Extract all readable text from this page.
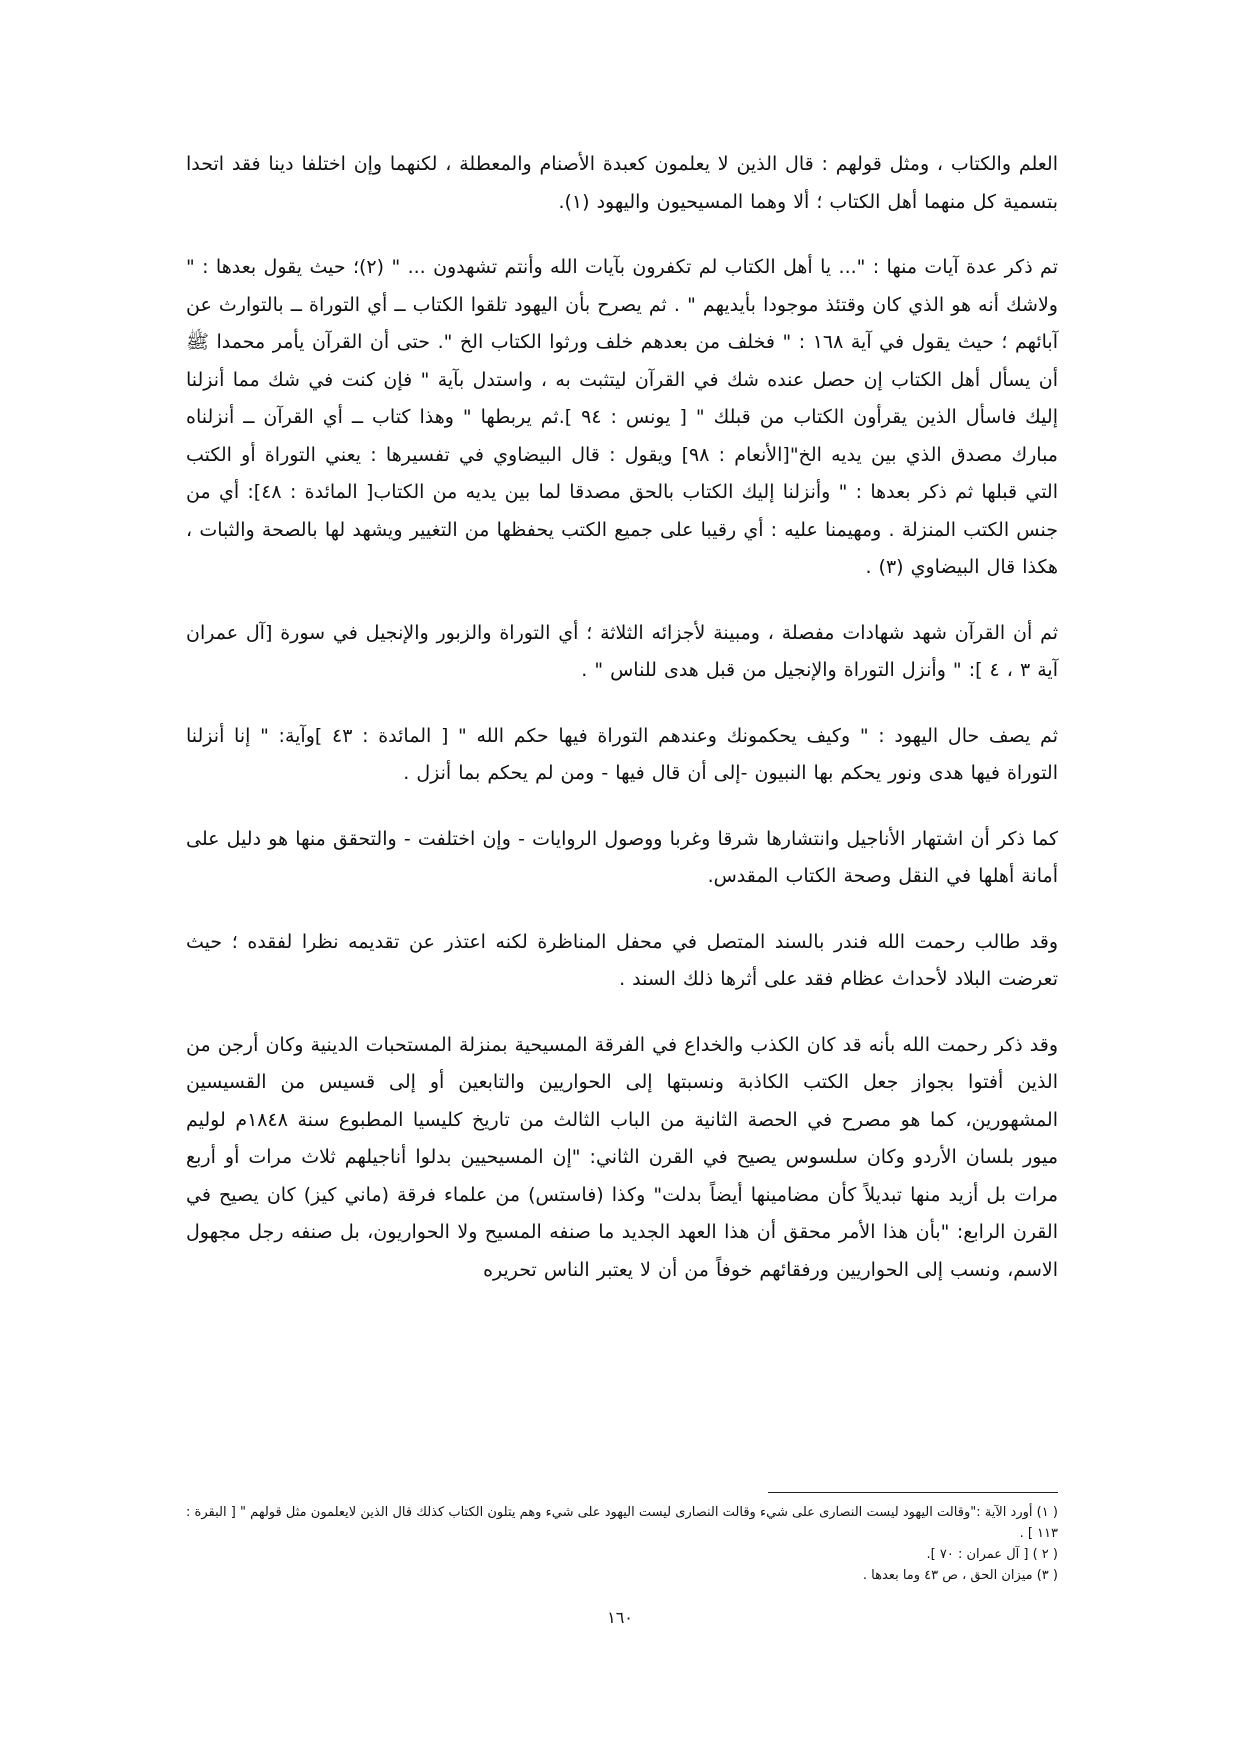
العلم والكتاب ، ومثل قولهم : قال الذين لا يعلمون كعبدة الأصنام والمعطلة ، لكنهما وإن اختلفا دينا فقد اتحدا بتسمية كل منهما أهل الكتاب ؛ ألا وهما المسيحيون واليهود (١).

تم ذكر عدة آيات منها : "... يا أهل الكتاب لم تكفرون بآيات الله وأنتم تشهدون ... " (٢)؛ حيث يقول بعدها : " ولاشك أنه هو الذي كان وقتئذ موجودا بأيديهم " . ثم يصرح بأن اليهود تلقوا الكتاب ــ أي التوراة ــ بالتوارث عن آبائهم ؛ حيث يقول في آية ١٦٨ : " فخلف من بعدهم خلف ورثوا الكتاب الخ ". حتى أن القرآن يأمر محمدا ﷺ أن يسأل أهل الكتاب إن حصل عنده شك في القرآن ليتثبت به ، واستدل بآية " فإن كنت في شك مما أنزلنا إليك فاسأل الذين يقرأون الكتاب من قبلك " [ يونس : ٩٤ ].ثم يربطها " وهذا كتاب ــ أي القرآن ــ أنزلناه مبارك مصدق الذي بين يديه الخ"[الأنعام : ٩٨] ويقول : قال البيضاوي في تفسيرها : يعني التوراة أو الكتب التي قبلها ثم ذكر بعدها : " وأنزلنا إليك الكتاب بالحق مصدقا لما بين يديه من الكتاب[ المائدة : ٤٨]: أي من جنس الكتب المنزلة . ومهيمنا عليه : أي رقيبا على جميع الكتب يحفظها من التغيير ويشهد لها بالصحة والثبات ، هكذا قال البيضاوي (٣) .

ثم أن القرآن شهد شهادات مفصلة ، ومبينة لأجزائه الثلاثة ؛ أي التوراة والزبور والإنجيل في سورة [آل عمران آية ٣ ، ٤ ]: " وأنزل التوراة والإنجيل من قبل هدى للناس " .

ثم يصف حال اليهود : " وكيف يحكمونك وعندهم التوراة فيها حكم الله " [ المائدة : ٤٣ ]وآية: " إنا أنزلنا التوراة فيها هدى ونور يحكم بها النبيون -إلى أن قال فيها - ومن لم يحكم بما أنزل .

كما ذكر أن اشتهار الأناجيل وانتشارها شرقا وغربا ووصول الروايات - وإن اختلفت - والتحقق منها هو دليل على أمانة أهلها في النقل وصحة الكتاب المقدس.

وقد طالب رحمت الله فندر بالسند المتصل في محفل المناظرة لكنه اعتذر عن تقديمه نظرا لفقده ؛ حيث تعرضت البلاد لأحداث عظام فقد على أثرها ذلك السند .

وقد ذكر رحمت الله بأنه قد كان الكذب والخداع في الفرقة المسيحية بمنزلة المستحبات الدينية وكان أرجن من الذين أفتوا بجواز جعل الكتب الكاذبة ونسبتها إلى الحواريين والتابعين أو إلى قسيس من القسيسين المشهورين، كما هو مصرح في الحصة الثانية من الباب الثالث من تاريخ كليسيا المطبوع سنة ١٨٤٨م لوليم ميور بلسان الأردو وكان سلسوس يصيح في القرن الثاني: "إن المسيحيين بدلوا أناجيلهم ثلاث مرات أو أربع مرات بل أزيد منها تبديلاً كأن مضامينها أيضاً بدلت" وكذا (فاستس) من علماء فرقة (ماني كيز) كان يصيح في القرن الرابع: "بأن هذا الأمر محقق أن هذا العهد الجديد ما صنفه المسيح ولا الحواريون، بل صنفه رجل مجهول الاسم، ونسب إلى الحواريين ورفقائهم خوفاً من أن لا يعتبر الناس تحريره

( ١) أورد الآية :"وقالت اليهود ليست النصارى على شيء وقالت النصارى ليست اليهود على شيء وهم يتلون الكتاب كذلك قال الذين لايعلمون مثل قولهم " [ البقرة : ١١٣ ] .

( ٢ ) [ آل عمران : ٧٠ ].

( ٣) ميزان الحق ، ص ٤٣ وما بعدها .

١٦٠
